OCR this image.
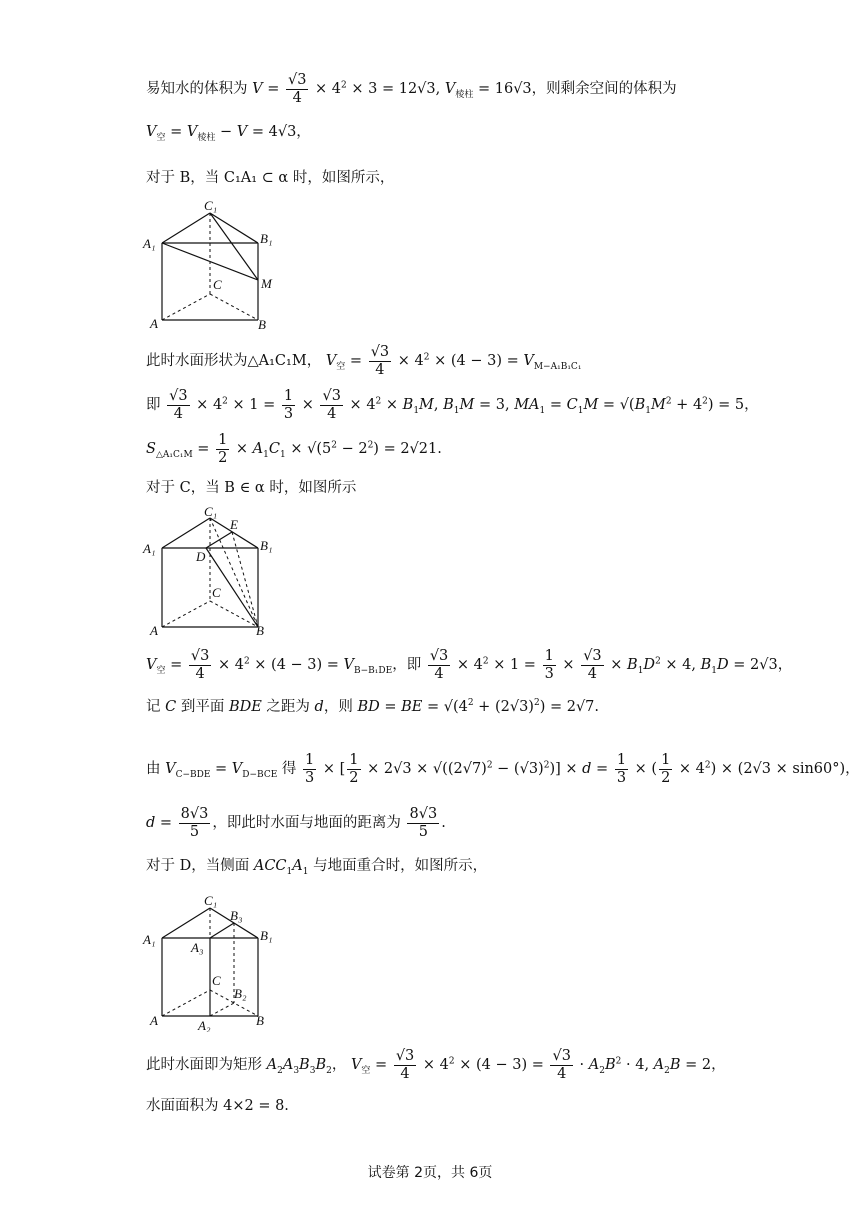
易知水的体积为 $V = \frac{√3}{4} \times 4^2 \times 3 = 12√3$, $V_{棱柱} = 16√3$，则剩余空间的体积为
$V_空 = V_{棱柱} - V = 4√3$，
对于 B，当 C₁A₁ ⊂ α 时，如图所示，
C₁
A₁	B₁
M
C
A	B
此时水面形状为△A₁C₁M， $V_空 = \frac{√3}{4} \times 4^2 \times (4 - 3) = V_{M-A_1B_1C_1}$
即 $\frac{√3}{4} \times 4^2 \times 1 = \frac{1}{3} \times \frac{√3}{4} \times 4^2 \times B_1M$, $B_1M = 3$, $MA_1 = C_1M = √(B_1M^2 + 4^2) = 5$，
$S_{\triangle A_1C_1M} = \frac{1}{2} \times A_1C_1 \times √(5^2 - 2^2) = 2√21$.
对于 C，当 B ∈ α 时，如图所示
C₁
E
A₁
D
B₁
C
A	B
$V_空 = \frac{√3}{4} \times 4^2 \times (4 - 3) = V_{B-B_1DE}$，即 $\frac{√3}{4} \times 4^2 \times 1 = \frac{1}{3} \times \frac{√3}{4} \times B_1D^2 \times 4$, $B_1D = 2√3$，
记 C 到平面 BDE 之距为 d，则 BD = BE = $√(4^2 + (2√3)^2) = 2√7$.
由 $V_{C-BDE} = V_{D-BCE}$ 得 $\frac{1}{3}$ × [ $\frac{1}{2} \times 2√3 \times √((2√7)^2 - (√3)^2)] \times d = \frac{1}{3}$ × ( $\frac{1}{2} \times 4^2) \times (2√3 \times \sin 60^\circ)$，
$d = \frac{8√3}{5}$ ，即此时水面与地面的距离为 $\frac{8√3}{5}$ .
对于 D，当侧面 $ACC_1A_1$ 与地面重合时，如图所示，
C₁
B₃
A₁
A₃
B₁
C
B₂
A	A₂	B
此时水面即为矩形 $A_2A_3B_3B_2$， $V_空 = \frac{√3}{4} \times 4^2 \times (4 - 3) = \frac{√3}{4} \cdot A_2B^2 \cdot 4$, $A_2B = 2$，
水面面积为 4×2 = 8.
试卷第 2页，共 6页
